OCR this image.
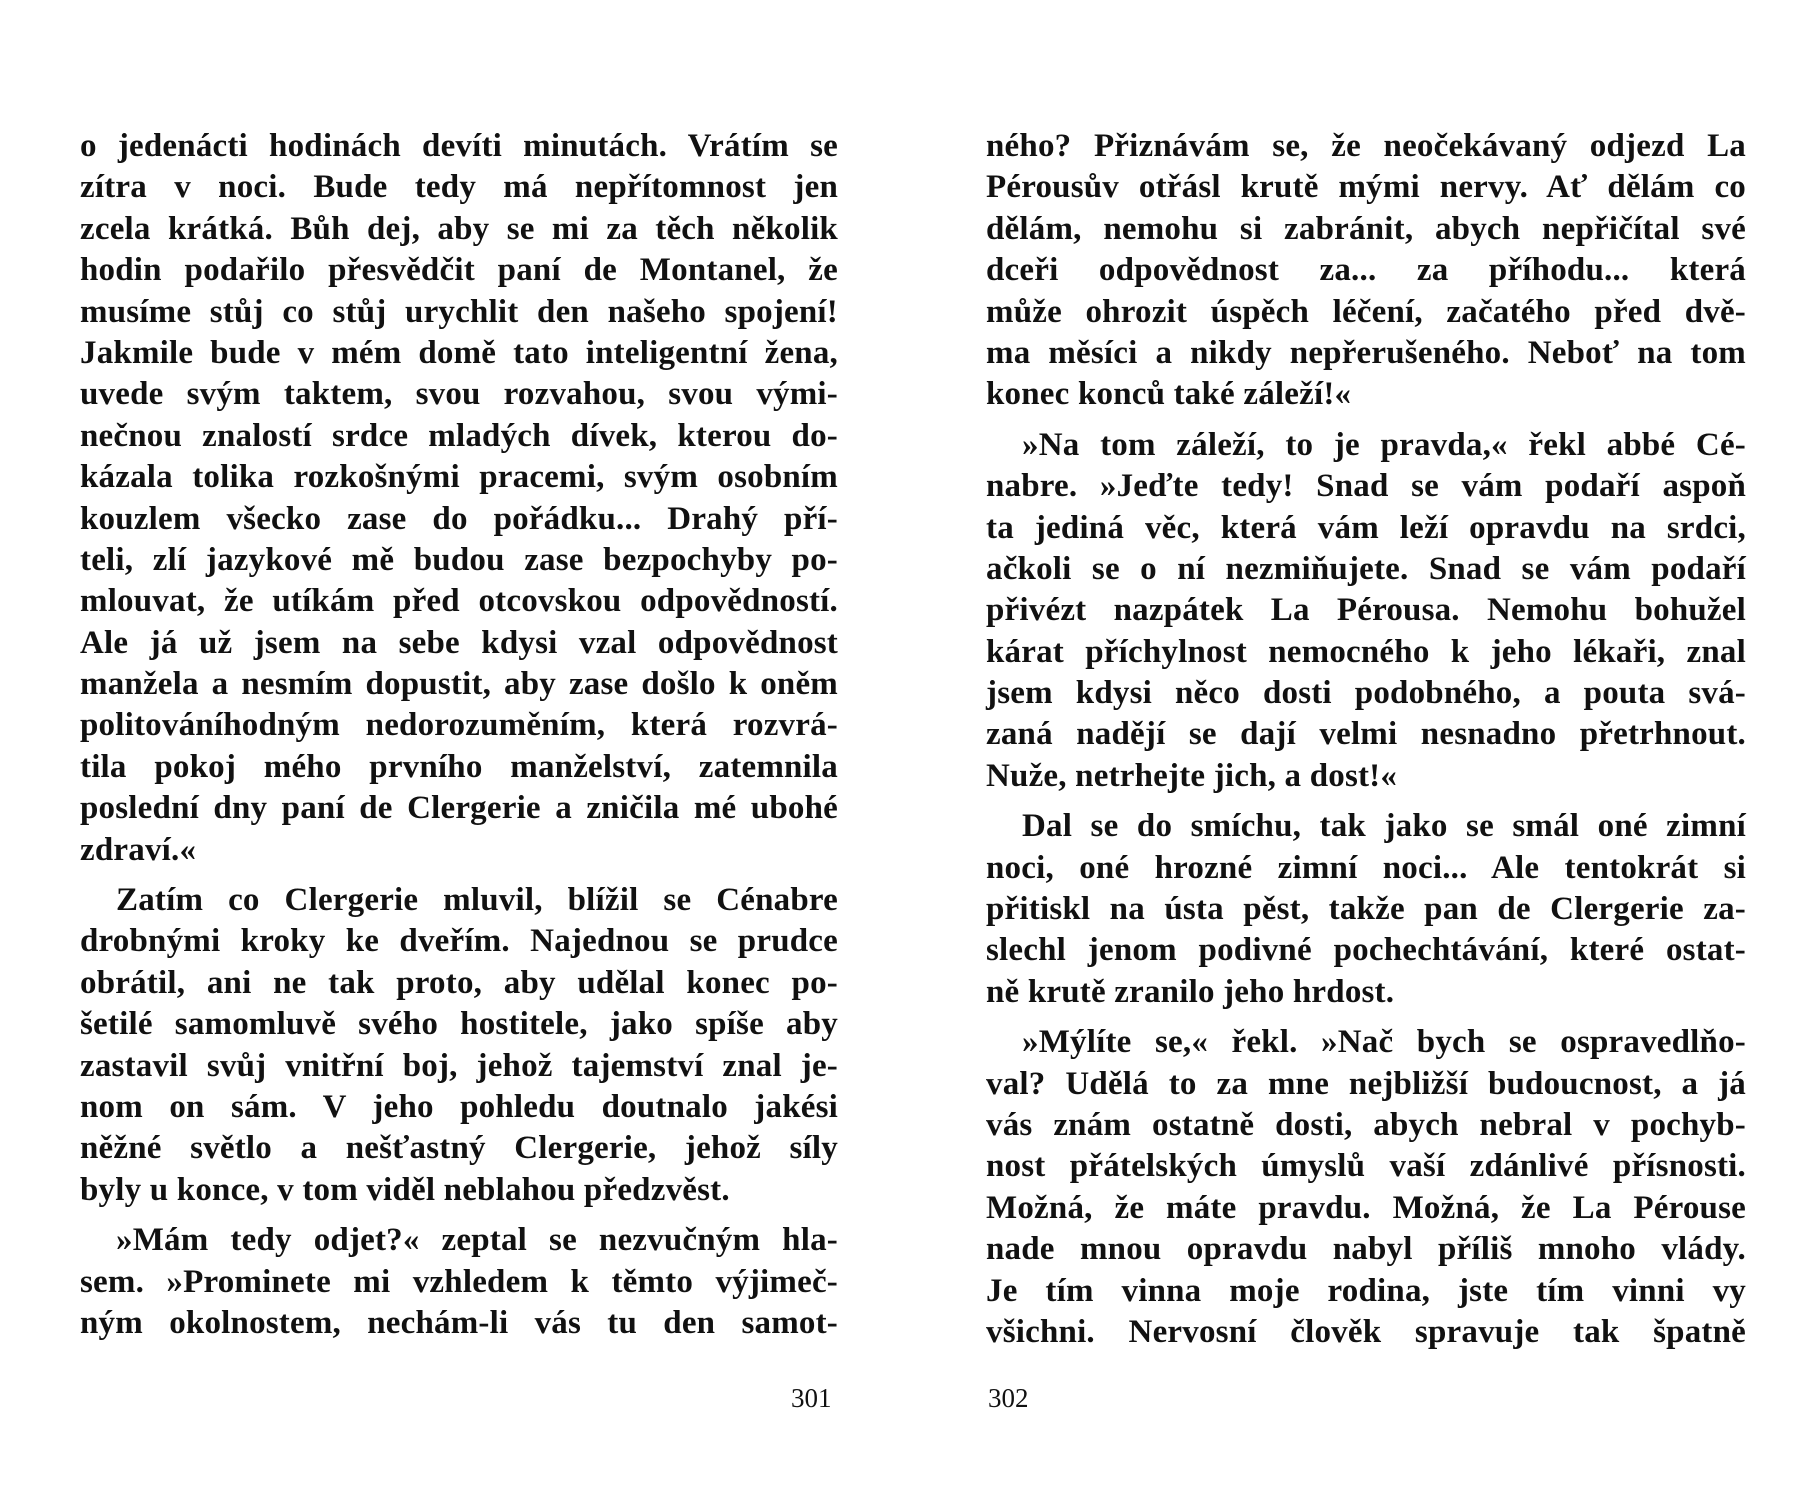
o jedenácti hodinách devíti minutách. Vrátím se
zítra v noci. Bude tedy má nepřítomnost jen
zcela krátká. Bůh dej, aby se mi za těch několik
hodin podařilo přesvědčit paní de Montanel, že
musíme stůj co stůj urychlit den našeho spojení!
Jakmile bude v mém domě tato inteligentní žena,
uvede svým taktem, svou rozvahou, svou vými-
nečnou znalostí srdce mladých dívek, kterou do-
kázala tolika rozkošnými pracemi, svým osobním
kouzlem všecko zase do pořádku... Drahý pří-
teli, zlí jazykové mě budou zase bezpochyby po-
mlouvat, že utíkám před otcovskou odpovědností.
Ale já už jsem na sebe kdysi vzal odpovědnost
manžela a nesmím dopustit, aby zase došlo k oněm
politováníhodným nedorozuměním, která rozvrá-
tila pokoj mého prvního manželství, zatemnila
poslední dny paní de Clergerie a zničila mé ubohé
zdraví.«
Zatím co Clergerie mluvil, blížil se Cénabre
drobnými kroky ke dveřím. Najednou se prudce
obrátil, ani ne tak proto, aby udělal konec po-
šetilé samomluvě svého hostitele, jako spíše aby
zastavil svůj vnitřní boj, jehož tajemství znal je-
nom on sám. V jeho pohledu doutnalo jakési
něžné světlo a nešťastný Clergerie, jehož síly
byly u konce, v tom viděl neblahou předzvěst.
»Mám tedy odjet?« zeptal se nezvučným hla-
sem. »Prominete mi vzhledem k těmto výjimeč-
ným okolnostem, nechám-li vás tu den samot-
ného? Přiznávám se, že neočekávaný odjezd La
Pérousův otřásl krutě mými nervy. Ať dělám co
dělám, nemohu si zabránit, abych nepřičítal své
dceři odpovědnost za... za příhodu... která
může ohrozit úspěch léčení, začatého před dvě-
ma měsíci a nikdy nepřerušeného. Neboť na tom
konec konců také záleží!«
»Na tom záleží, to je pravda,« řekl abbé Cé-
nabre. »Jeďte tedy! Snad se vám podaří aspoň
ta jediná věc, která vám leží opravdu na srdci,
ačkoli se o ní nezmiňujete. Snad se vám podaří
přivézt nazpátek La Pérousa. Nemohu bohužel
kárat příchylnost nemocného k jeho lékaři, znal
jsem kdysi něco dosti podobného, a pouta svá-
zaná nadějí se dají velmi nesnadno přetrhnout.
Nuže, netrhejte jich, a dost!«
Dal se do smíchu, tak jako se smál oné zimní
noci, oné hrozné zimní noci... Ale tentokrát si
přitiskl na ústa pěst, takže pan de Clergerie za-
slechl jenom podivné pochechtávání, které ostat-
ně krutě zranilo jeho hrdost.
»Mýlíte se,« řekl. »Nač bych se ospravedlňo-
val? Udělá to za mne nejbližší budoucnost, a já
vás znám ostatně dosti, abych nebral v pochyb-
nost přátelských úmyslů vaší zdánlivé přísnosti.
Možná, že máte pravdu. Možná, že La Pérouse
nade mnou opravdu nabyl příliš mnoho vlády.
Je tím vinna moje rodina, jste tím vinni vy
všichni. Nervosní člověk spravuje tak špatně
301	302
